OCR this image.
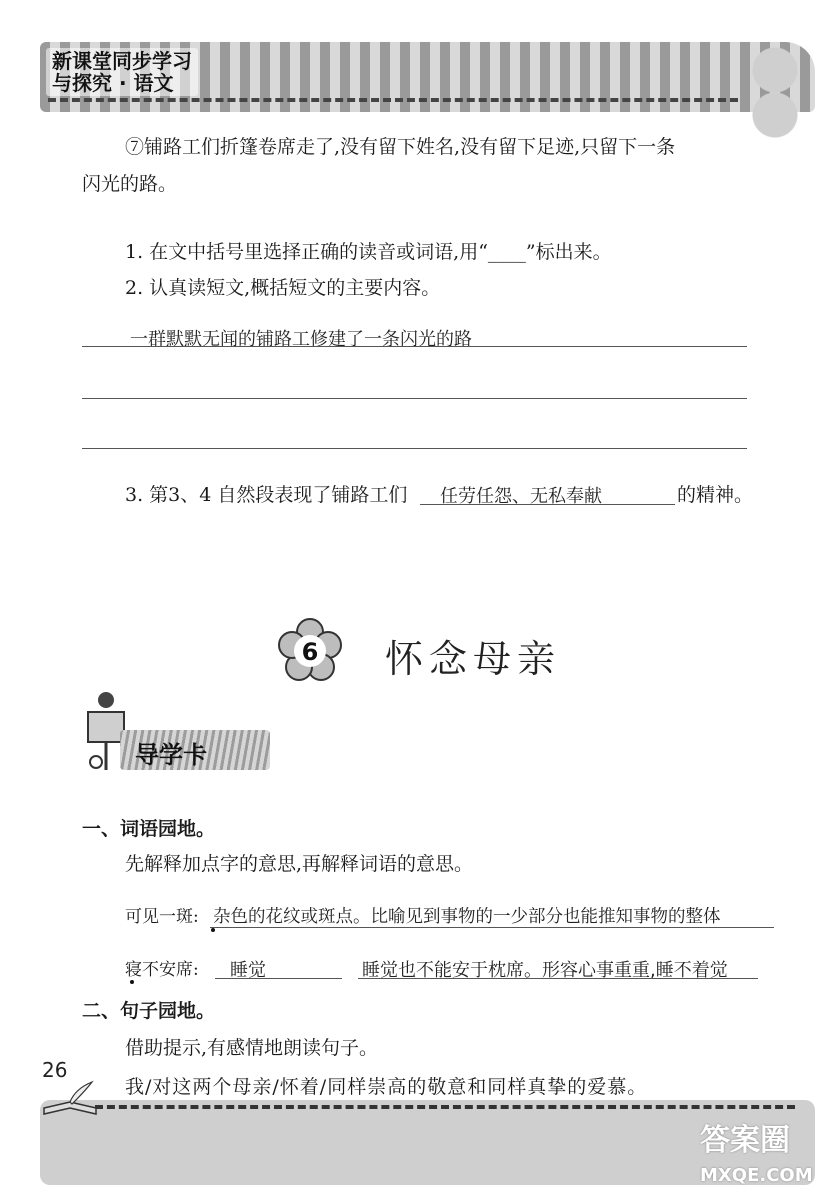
新课堂同步学习
与探究 · 语文
⑦铺路工们折篷卷席走了,没有留下姓名,没有留下足迹,只留下一条
闪光的路。
1. 在文中括号里选择正确的读音或词语,用“____”标出来。
2. 认真读短文,概括短文的主要内容。
一群默默无闻的铺路工修建了一条闪光的路
3. 第3、4 自然段表现了铺路工们 任劳任怨、无私奉献	的精神。
6 怀念母亲
导学卡
一、词语园地。
先解释加点字的意思,再解释词语的意思。
可见一斑: 杂色的花纹或斑点。比喻见到事物的一少部分也能推知事物的整体
寝不安席: 睡觉	睡觉也不能安于枕席。形容心事重重,睡不着觉
二、句子园地。
借助提示,有感情地朗读句子。
我/对这两个母亲/怀着/同样崇高的敬意和同样真挚的爱慕。
26
答案圈
MXQE.COM
